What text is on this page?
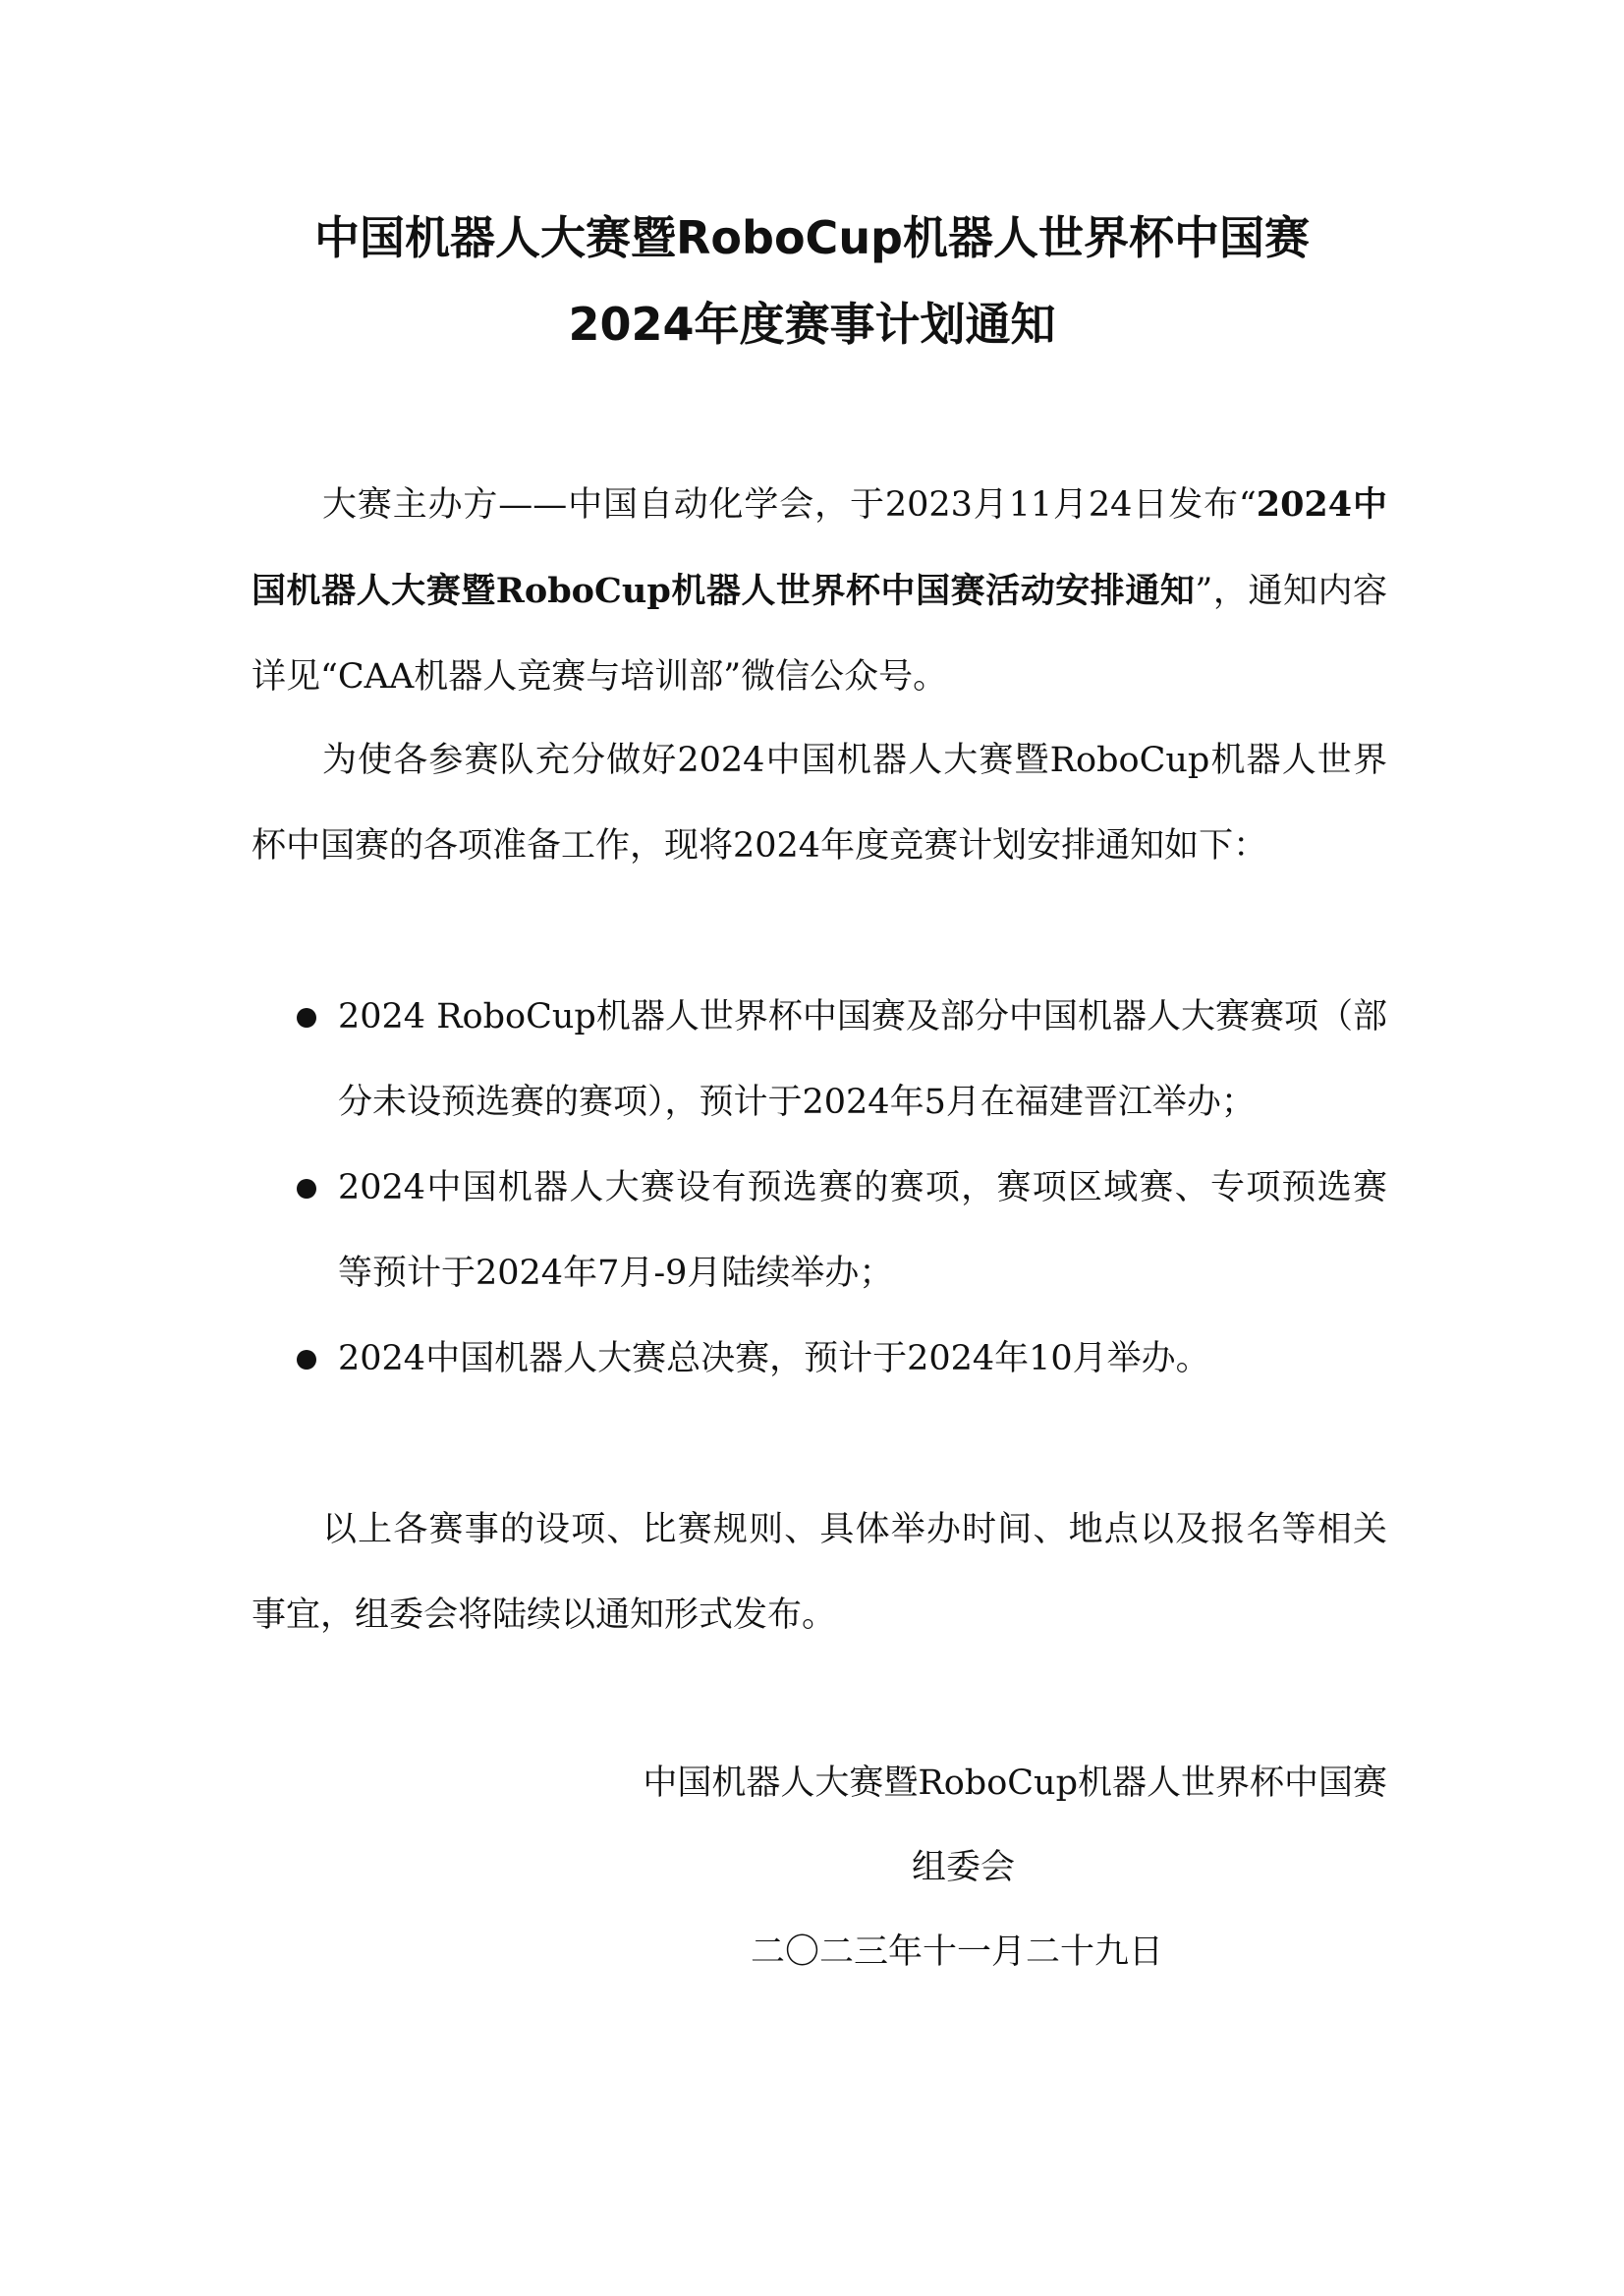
中国机器人大赛暨RoboCup机器人世界杯中国赛
2024年度赛事计划通知

大赛主办方——中国自动化学会，于2023月11月24日发布“2024中国机器人大赛暨RoboCup机器人世界杯中国赛活动安排通知”，通知内容详见“CAA机器人竞赛与培训部”微信公众号。

为使各参赛队充分做好2024中国机器人大赛暨RoboCup机器人世界杯中国赛的各项准备工作，现将2024年度竞赛计划安排通知如下：

2024 RoboCup机器人世界杯中国赛及部分中国机器人大赛赛项（部分未设预选赛的赛项），预计于2024年5月在福建晋江举办；
2024中国机器人大赛设有预选赛的赛项，赛项区域赛、专项预选赛等预计于2024年7月-9月陆续举办；
2024中国机器人大赛总决赛，预计于2024年10月举办。

以上各赛事的设项、比赛规则、具体举办时间、地点以及报名等相关事宜，组委会将陆续以通知形式发布。

中国机器人大赛暨RoboCup机器人世界杯中国赛
组委会
二〇二三年十一月二十九日
